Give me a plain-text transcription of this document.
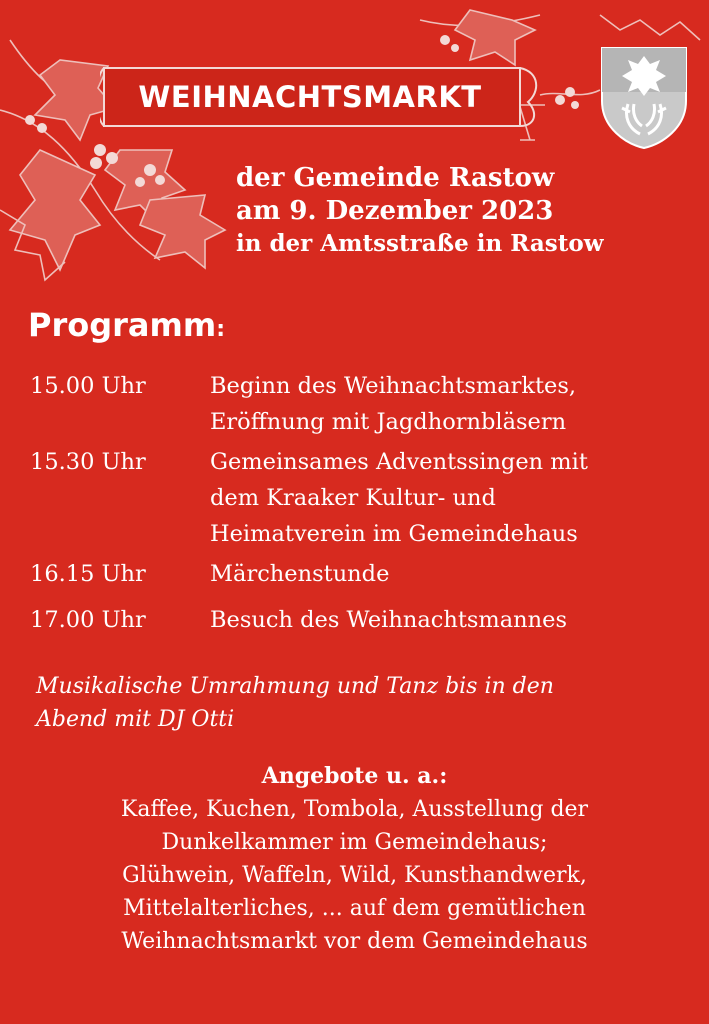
WEIHNACHTSMARKT
der Gemeinde Rastow
am 9. Dezember 2023
in der Amtsstraße in Rastow
Programm:
15.00 Uhr	Beginn des Weihnachtsmarktes,
Eröffnung mit Jagdhornbläsern
15.30 Uhr	Gemeinsames Adventssingen mit
dem Kraaker Kultur- und
Heimatverein im Gemeindehaus
16.15 Uhr	Märchenstunde
17.00 Uhr	Besuch des Weihnachtsmannes
Musikalische Umrahmung und Tanz bis in den
Abend mit DJ Otti
Angebote u. a.:
Kaffee, Kuchen, Tombola, Ausstellung der
Dunkelkammer im Gemeindehaus;
Glühwein, Waffeln, Wild, Kunsthandwerk,
Mittelalterliches, ... auf dem gemütlichen
Weihnachtsmarkt vor dem Gemeindehaus
